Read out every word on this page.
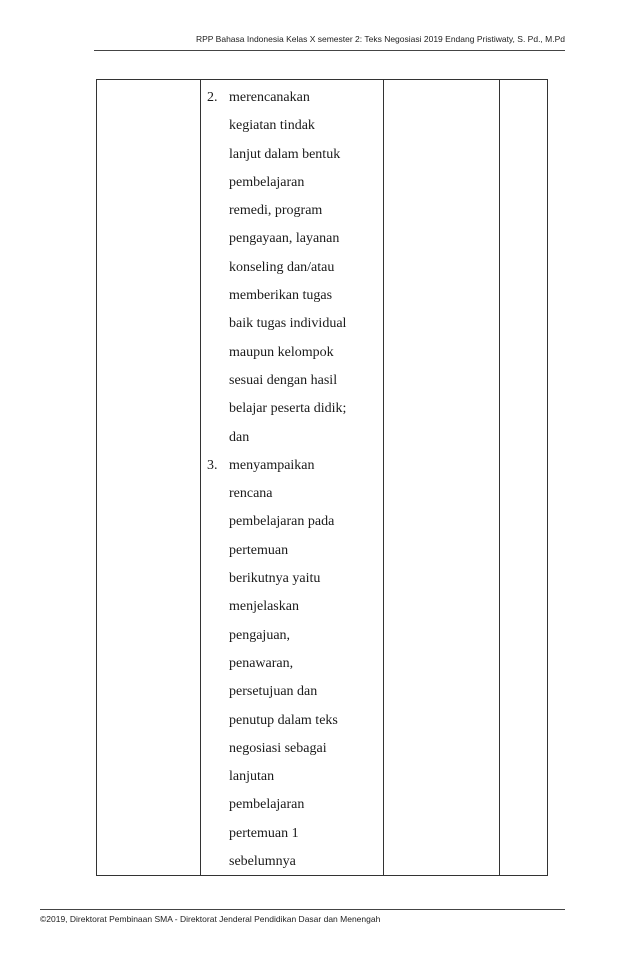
RPP Bahasa Indonesia Kelas X semester 2: Teks Negosiasi 2019 Endang Pristiwaty, S. Pd., M.Pd
2. merencanakan
kegiatan tindak
lanjut dalam bentuk
pembelajaran
remedi, program
pengayaan, layanan
konseling dan/atau
memberikan tugas
baik tugas individual
maupun kelompok
sesuai dengan hasil
belajar peserta didik;
dan
3. menyampaikan
rencana
pembelajaran pada
pertemuan
berikutnya yaitu
menjelaskan
pengajuan,
penawaran,
persetujuan dan
penutup dalam teks
negosiasi sebagai
lanjutan
pembelajaran
pertemuan 1
sebelumnya
©2019, Direktorat Pembinaan SMA - Direktorat Jenderal Pendidikan Dasar dan Menengah
